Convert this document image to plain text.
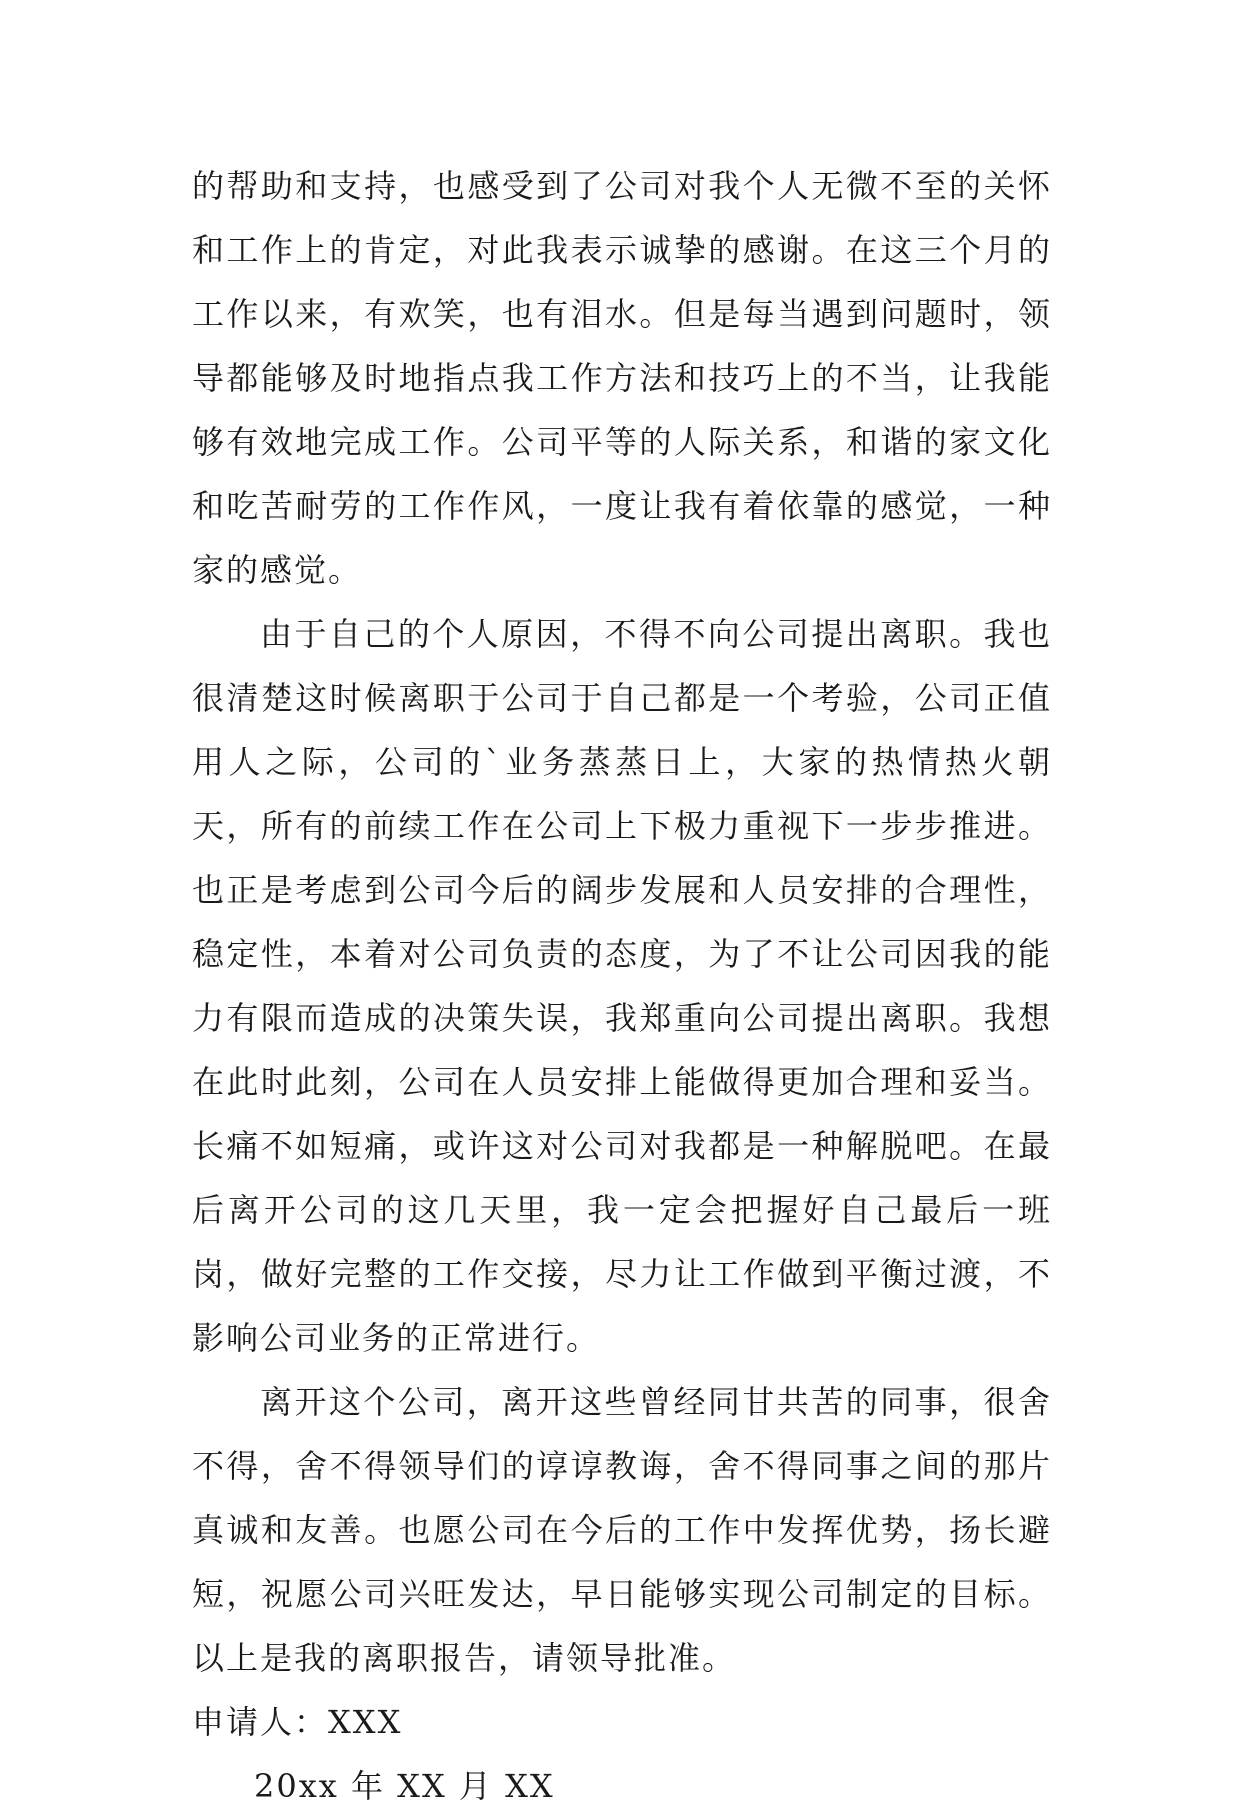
的帮助和支持，也感受到了公司对我个人无微不至的关怀和工作上的肯定，对此我表示诚挚的感谢。在这三个月的工作以来，有欢笑，也有泪水。但是每当遇到问题时，领导都能够及时地指点我工作方法和技巧上的不当，让我能够有效地完成工作。公司平等的人际关系，和谐的家文化和吃苦耐劳的工作作风，一度让我有着依靠的感觉，一种家的感觉。

由于自己的个人原因，不得不向公司提出离职。我也很清楚这时候离职于公司于自己都是一个考验，公司正值用人之际，公司的`业务蒸蒸日上，大家的热情热火朝天，所有的前续工作在公司上下极力重视下一步步推进。也正是考虑到公司今后的阔步发展和人员安排的合理性，稳定性，本着对公司负责的态度，为了不让公司因我的能力有限而造成的决策失误，我郑重向公司提出离职。我想在此时此刻，公司在人员安排上能做得更加合理和妥当。长痛不如短痛，或许这对公司对我都是一种解脱吧。在最后离开公司的这几天里，我一定会把握好自己最后一班岗，做好完整的工作交接，尽力让工作做到平衡过渡，不影响公司业务的正常进行。

离开这个公司，离开这些曾经同甘共苦的同事，很舍不得，舍不得领导们的谆谆教诲，舍不得同事之间的那片真诚和友善。也愿公司在今后的工作中发挥优势，扬长避短，祝愿公司兴旺发达，早日能够实现公司制定的目标。 以上是我的离职报告，请领导批准。

申请人：XXX

20xx 年 XX 月 XX
